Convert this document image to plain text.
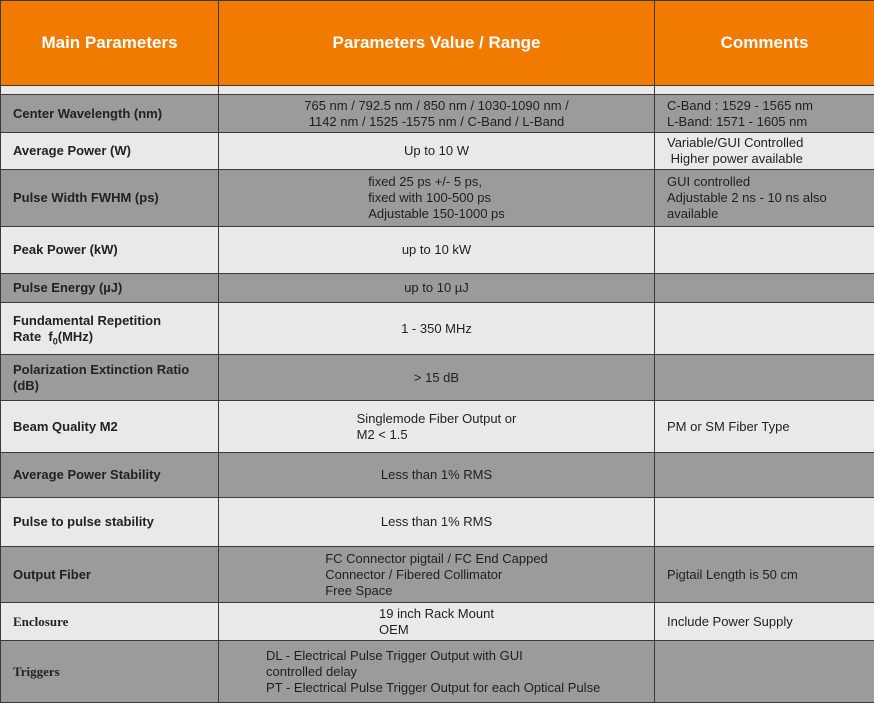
Main Parameters	Parameters Value / Range	Comments

Center Wavelength (nm)	765 nm / 792.5 nm / 850 nm / 1030-1090 nm /
1142 nm / 1525 -1575 nm / C-Band / L-Band	C-Band : 1529 - 1565 nm
L-Band: 1571 - 1605 nm

Average Power (W)	Up to 10 W	Variable/GUI Controlled
Higher power available

Pulse Width FWHM (ps)	fixed 25 ps +/- 5 ps,
fixed with 100-500 ps
Adjustable 150-1000 ps	GUI controlled
Adjustable 2 ns - 10 ns also
available

Peak Power (kW)	up to 10 kW	

Pulse Energy (µJ)	up to 10 µJ	

Fundamental Repetition
Rate  $f_0(MHz)$	1 - 350 MHz	

Polarization Extinction Ratio
(dB)	> 15 dB	

Beam Quality M2	Singlemode Fiber Output or
M2 < 1.5	PM or SM Fiber Type

Average Power Stability	Less than 1% RMS	

Pulse to pulse stability	Less than 1% RMS	

Output Fiber	FC Connector pigtail / FC End Capped
Connector / Fibered Collimator
Free Space	Pigtail Length is 50 cm

Enclosure	19 inch Rack Mount
OEM	Include Power Supply

Triggers	DL - Electrical Pulse Trigger Output with GUI
controlled delay
PT - Electrical Pulse Trigger Output for each Optical Pulse	
